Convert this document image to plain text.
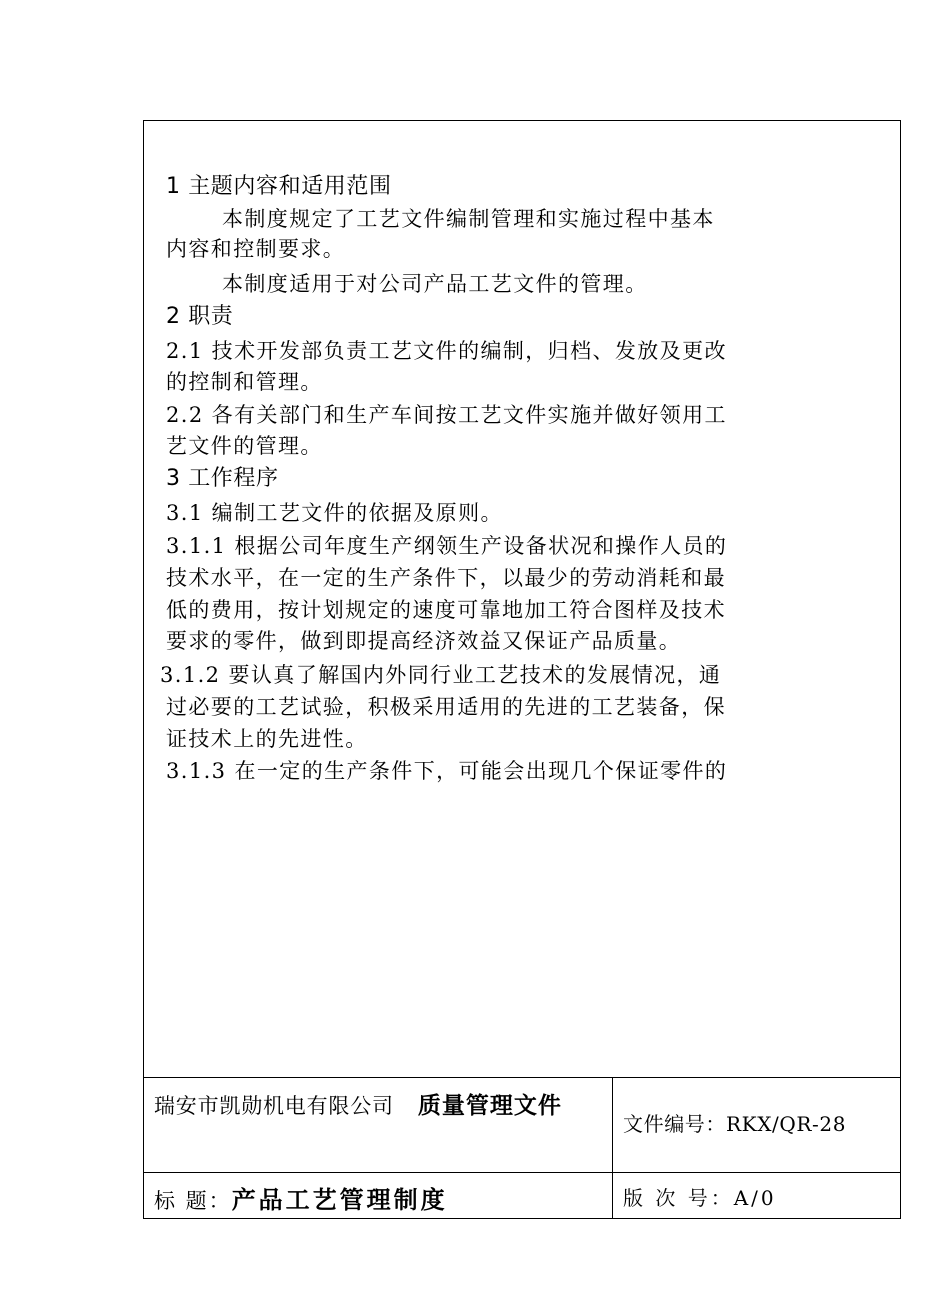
1 主题内容和适用范围
本制度规定了工艺文件编制管理和实施过程中基本
内容和控制要求。
本制度适用于对公司产品工艺文件的管理。
2 职责
2.1 技术开发部负责工艺文件的编制，归档、发放及更改
的控制和管理。
2.2 各有关部门和生产车间按工艺文件实施并做好领用工
艺文件的管理。
3 工作程序
3.1 编制工艺文件的依据及原则。
3.1.1 根据公司年度生产纲领生产设备状况和操作人员的
技术水平，在一定的生产条件下，以最少的劳动消耗和最
低的费用，按计划规定的速度可靠地加工符合图样及技术
要求的零件，做到即提高经济效益又保证产品质量。
3.1.2 要认真了解国内外同行业工艺技术的发展情况，通
过必要的工艺试验，积极采用适用的先进的工艺装备，保
证技术上的先进性。
3.1.3 在一定的生产条件下，可能会出现几个保证零件的
瑞安市凯勋机电有限公司 质量管理文件
文件编号：RKX/QR-28
标 题：产品工艺管理制度	版 次 号：A/0
